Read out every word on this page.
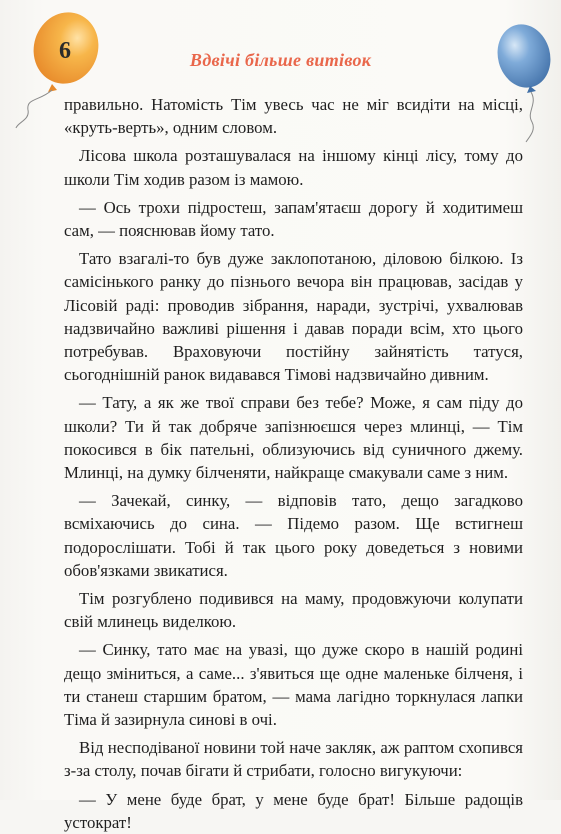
6	Вдвічі більше витівок

правильно. Натомість Тім увесь час не міг всидіти на місці, «круть-верть», одним словом.

Лісова школа розташувалася на іншому кінці лісу, тому до школи Тім ходив разом із мамою.

— Ось трохи підростеш, запам'ятаєш дорогу й ходитимеш сам, — пояснював йому тато.

Тато взагалі-то був дуже заклопотаною, діловою білкою. Із самісінького ранку до пізнього вечора він працював, засідав у Лісовій раді: проводив зібрання, наради, зустрічі, ухвалював надзвичайно важливі рішення і давав поради всім, хто цього потребував. Враховуючи постійну зайнятість татуся, сьогоднішній ранок видавався Тімові надзвичайно дивним.

— Тату, а як же твої справи без тебе? Може, я сам піду до школи? Ти й так добряче запізнюєшся через млинці, — Тім покосився в бік пательні, облизуючись від суничного джему. Млинці, на думку білченяти, найкраще смакували саме з ним.

— Зачекай, синку, — відповів тато, дещо загадково всміхаючись до сина. — Підемо разом. Ще встигнеш подорослішати. Тобі й так цього року доведеться з новими обов'язками звикатися.

Тім розгублено подивився на маму, продовжуючи колупати свій млинець виделкою.

— Синку, тато має на увазі, що дуже скоро в нашій родині дещо зміниться, а саме... з'явиться ще одне маленьке білченя, і ти станеш старшим братом, — мама лагідно торкнулася лапки Тіма й зазирнула синові в очі.

Від несподіваної новини той наче закляк, аж раптом схопився з-за столу, почав бігати й стрибати, голосно вигукуючи:

— У мене буде брат, у мене буде брат! Більше радощів устократ!
